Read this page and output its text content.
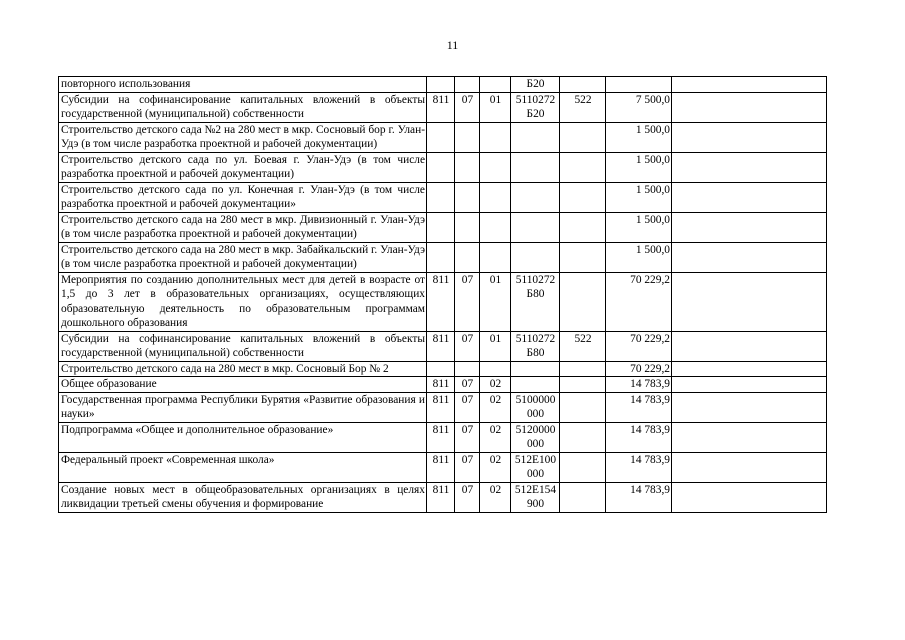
11
повторного использования				Б20			
Субсидии на софинансирование капитальных вложений в объекты государственной (муниципальной) собственности	811	07	01	5110272 Б20	522	7 500,0	
Строительство детского сада №2 на 280 мест в мкр. Сосновый бор г. Улан-Удэ (в том числе разработка проектной и рабочей документации)						1 500,0	
Строительство детского сада по ул. Боевая г. Улан-Удэ (в том числе разработка проектной и рабочей документации)						1 500,0	
Строительство детского сада по ул. Конечная г. Улан-Удэ (в том числе разработка проектной и рабочей документации»						1 500,0	
Строительство детского сада на 280 мест в мкр. Дивизионный г. Улан-Удэ (в том числе разработка проектной и рабочей документации)						1 500,0	
Строительство детского сада на 280 мест в мкр. Забайкальский г. Улан-Удэ (в том числе разработка проектной и рабочей документации)						1 500,0	
Мероприятия по созданию дополнительных мест для детей в возрасте от 1,5 до 3 лет в образовательных организациях, осуществляющих образовательную деятельность по образовательным программам дошкольного образования	811	07	01	5110272 Б80		70 229,2	
Субсидии на софинансирование капитальных вложений в объекты государственной (муниципальной) собственности	811	07	01	5110272 Б80	522	70 229,2	
Строительство детского сада на 280 мест в мкр. Сосновый Бор № 2						70 229,2	
Общее образование	811	07	02			14 783,9	
Государственная программа Республики Бурятия «Развитие образования и науки»	811	07	02	5100000 000		14 783,9	
Подпрограмма «Общее и дополнительное образование»	811	07	02	5120000 000		14 783,9	
Федеральный проект «Современная школа»	811	07	02	512E100 000		14 783,9	
Создание новых мест в общеобразовательных организациях в целях ликвидации третьей смены обучения и формирование	811	07	02	512E154 900		14 783,9	
